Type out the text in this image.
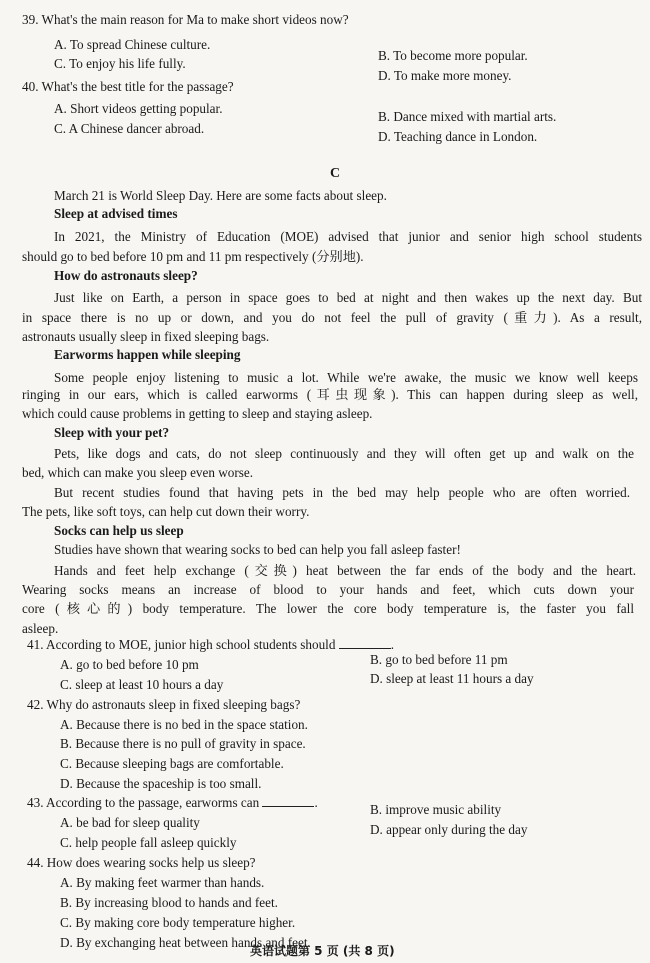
39. What's the main reason for Ma to make short videos now?
A. To spread Chinese culture.
B. To become more popular.
C. To enjoy his life fully.
D. To make more money.
40. What's the best title for the passage?
A. Short videos getting popular.
B. Dance mixed with martial arts.
C. A Chinese dancer abroad.
D. Teaching dance in London.
C
March 21 is World Sleep Day. Here are some facts about sleep.
Sleep at advised times
In 2021, the Ministry of Education (MOE) advised that junior and senior high school students
should go to bed before 10 pm and 11 pm respectively (分别地).
How do astronauts sleep?
Just like on Earth, a person in space goes to bed at night and then wakes up the next day. But
in space there is no up or down, and you do not feel the pull of gravity (重力). As a result,
astronauts usually sleep in fixed sleeping bags.
Earworms happen while sleeping
Some people enjoy listening to music a lot. While we're awake, the music we know well keeps
ringing in our ears, which is called earworms (耳虫现象). This can happen during sleep as well,
which could cause problems in getting to sleep and staying asleep.
Sleep with your pet?
Pets, like dogs and cats, do not sleep continuously and they will often get up and walk on the
bed, which can make you sleep even worse.
But recent studies found that having pets in the bed may help people who are often worried.
The pets, like soft toys, can help cut down their worry.
Socks can help us sleep
Studies have shown that wearing socks to bed can help you fall asleep faster!
Hands and feet help exchange (交换) heat between the far ends of the body and the heart.
Wearing socks means an increase of blood to your hands and feet, which cuts down your
core (核心的) body temperature. The lower the core body temperature is, the faster you fall
asleep.
41. According to MOE, junior high school students should	.
A. go to bed before 10 pm	B. go to bed before 11 pm
C. sleep at least 10 hours a day	D. sleep at least 11 hours a day
42. Why do astronauts sleep in fixed sleeping bags?
A. Because there is no bed in the space station.
B. Because there is no pull of gravity in space.
C. Because sleeping bags are comfortable.
D. Because the spaceship is too small.
43. According to the passage, earworms can	.
A. be bad for sleep quality
B. improve music ability
C. help people fall asleep quickly
D. appear only during the day
44. How does wearing socks help us sleep?
A. By making feet warmer than hands.
B. By increasing blood to hands and feet.
C. By making core body temperature higher.
D. By exchanging heat between hands and feet.
英语试题第 5 页 (共 8 页)
